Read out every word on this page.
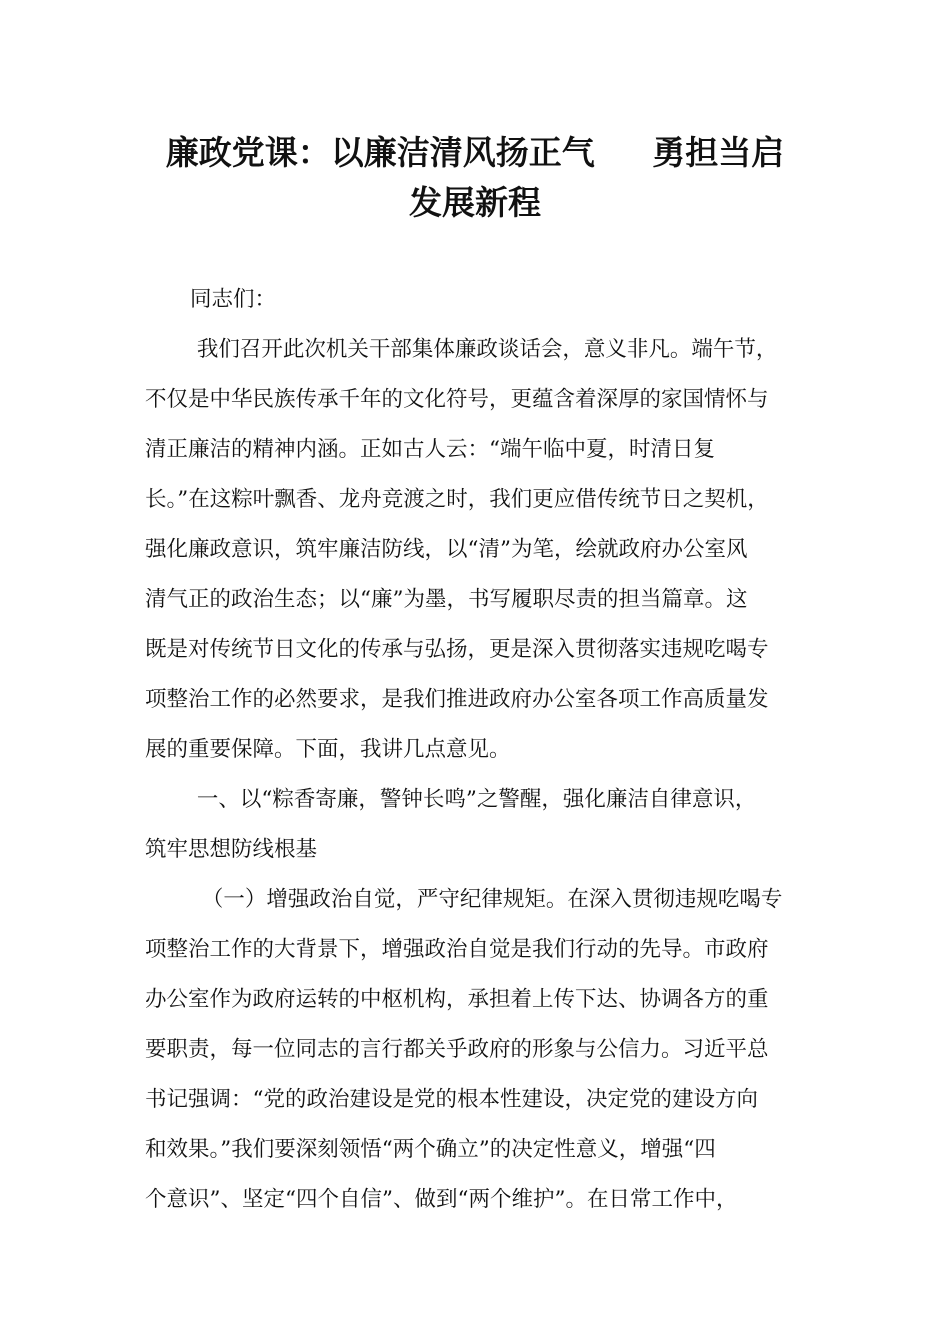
廉政党课：以廉洁清风扬正气     勇担当启
发展新程
同志们：
我们召开此次机关干部集体廉政谈话会，意义非凡。端午节，
不仅是中华民族传承千年的文化符号，更蕴含着深厚的家国情怀与
清正廉洁的精神内涵。正如古人云：“端午临中夏，时清日复
长。”在这粽叶飘香、龙舟竞渡之时，我们更应借传统节日之契机，
强化廉政意识，筑牢廉洁防线，以“清”为笔，绘就政府办公室风
清气正的政治生态；以“廉”为墨，书写履职尽责的担当篇章。这
既是对传统节日文化的传承与弘扬，更是深入贯彻落实违规吃喝专
项整治工作的必然要求，是我们推进政府办公室各项工作高质量发
展的重要保障。下面，我讲几点意见。
一、以“粽香寄廉，警钟长鸣”之警醒，强化廉洁自律意识，
筑牢思想防线根基
（一）增强政治自觉，严守纪律规矩。在深入贯彻违规吃喝专
项整治工作的大背景下，增强政治自觉是我们行动的先导。市政府
办公室作为政府运转的中枢机构，承担着上传下达、协调各方的重
要职责，每一位同志的言行都关乎政府的形象与公信力。习近平总
书记强调：“党的政治建设是党的根本性建设，决定党的建设方向
和效果。”我们要深刻领悟“两个确立”的决定性意义，增强“四
个意识”、坚定“四个自信”、做到“两个维护”。在日常工作中，
